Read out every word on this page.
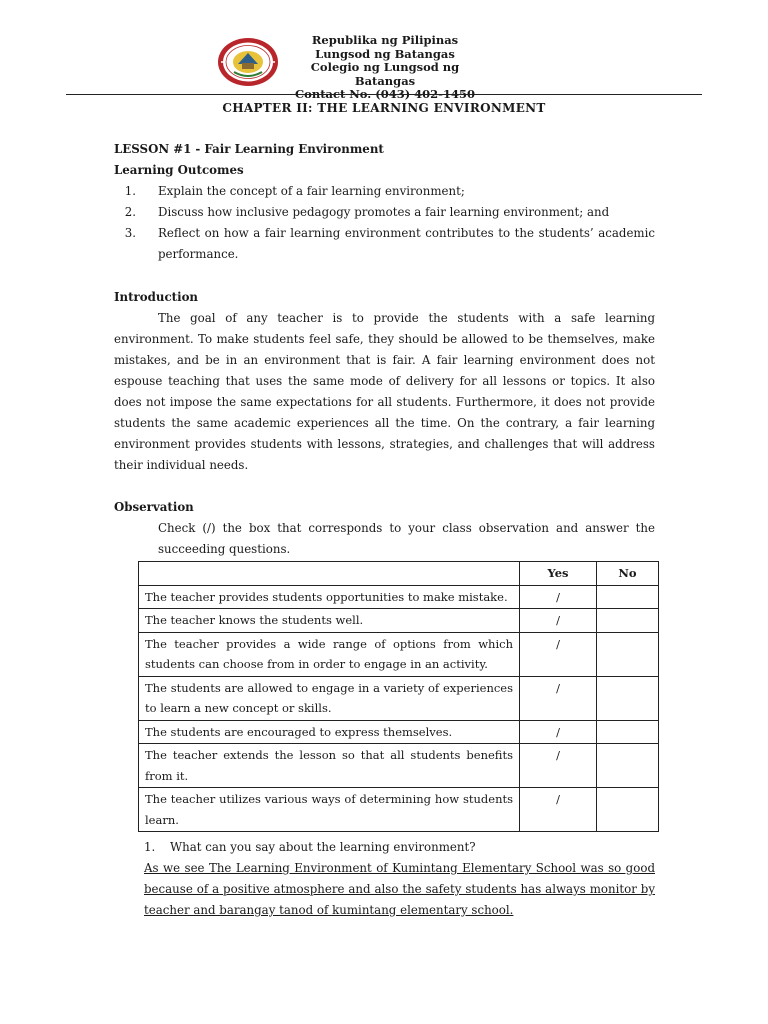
Republika ng Pilipinas
Lungsod ng Batangas
Colegio ng Lungsod ng Batangas
Contact No. (043) 402-1450
CHAPTER II: THE LEARNING ENVIRONMENT
LESSON #1 - Fair Learning Environment
Learning Outcomes
1. Explain the concept of a fair learning environment;
2. Discuss how inclusive pedagogy promotes a fair learning environment; and
3. Reflect on how a fair learning environment contributes to the students’ academic performance.
Introduction
The goal of any teacher is to provide the students with a safe learning environment. To make students feel safe, they should be allowed to be themselves, make mistakes, and be in an environment that is fair. A fair learning environment does not espouse teaching that uses the same mode of delivery for all lessons or topics. It also does not impose the same expectations for all students. Furthermore, it does not provide students the same academic experiences all the time. On the contrary, a fair learning environment provides students with lessons, strategies, and challenges that will address their individual needs.
Observation
Check (/) the box that corresponds to your class observation and answer the succeeding questions.
	Yes	No
The teacher provides students opportunities to make mistake.	/	
The teacher knows the students well.	/	
The teacher provides a wide range of options from which students can choose from in order to engage in an activity.	/	
The students are allowed to engage in a variety of experiences to learn a new concept or skills.	/	
The students are encouraged to express themselves.	/	
The teacher extends the lesson so that all students benefits from it.	/	
The teacher utilizes various ways of determining how students learn.	/	
1.	What can you say about the learning environment?
As we see The Learning Environment of Kumintang Elementary School was so good because of a positive atmosphere and also the safety students has always monitor by teacher and barangay tanod of kumintang elementary school.
